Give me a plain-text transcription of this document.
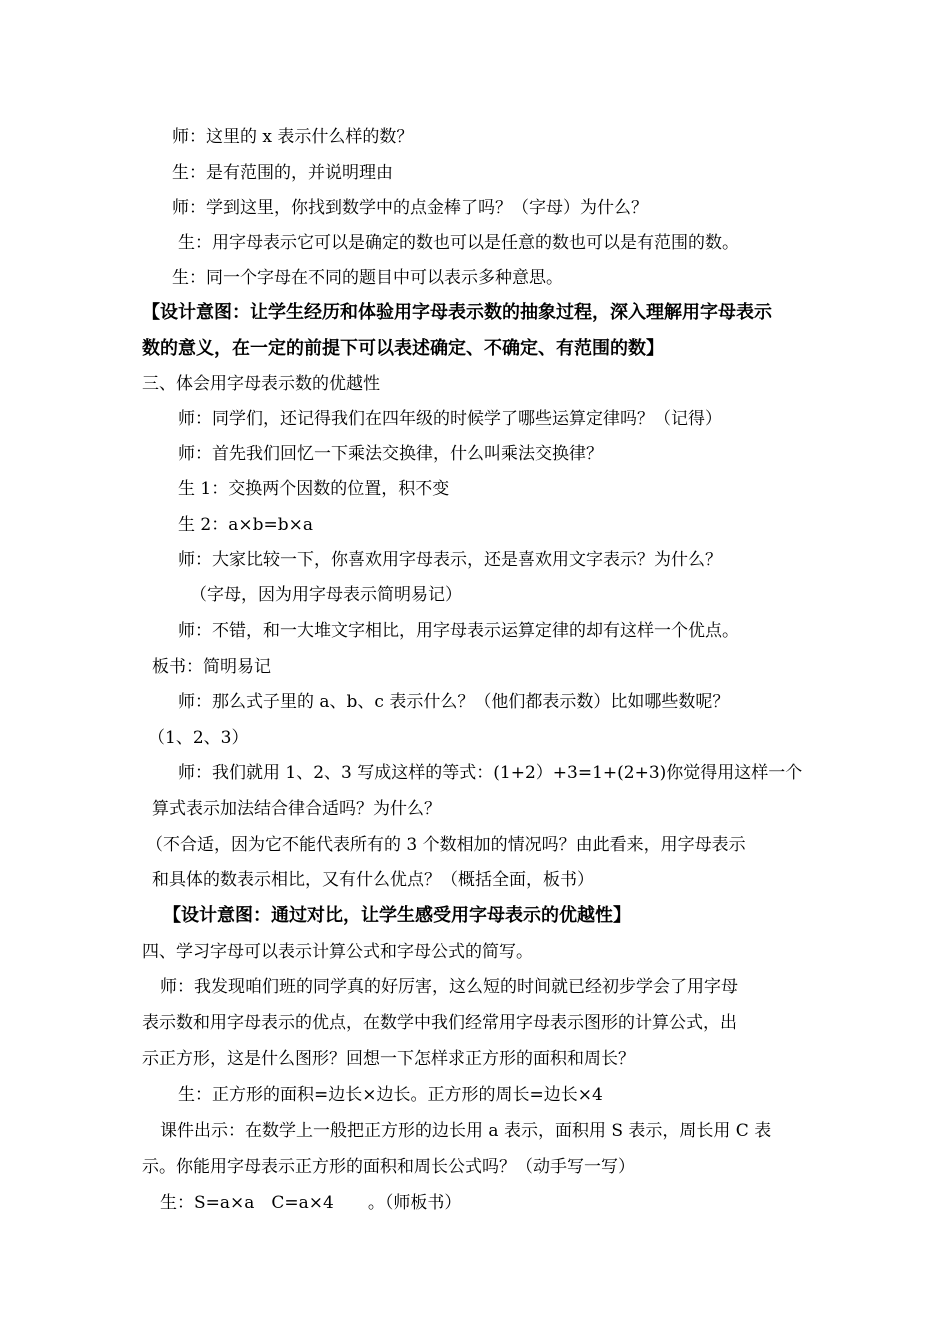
师：这里的 x 表示什么样的数？
生：是有范围的，并说明理由
师：学到这里，你找到数学中的点金棒了吗？（字母）为什么？
生：用字母表示它可以是确定的数也可以是任意的数也可以是有范围的数。
生：同一个字母在不同的题目中可以表示多种意思。
【设计意图：让学生经历和体验用字母表示数的抽象过程，深入理解用字母表示
数的意义，在一定的前提下可以表述确定、不确定、有范围的数】
三、体会用字母表示数的优越性
师：同学们，还记得我们在四年级的时候学了哪些运算定律吗？（记得）
师：首先我们回忆一下乘法交换律，什么叫乘法交换律？
生 1：交换两个因数的位置，积不变
生 2：a×b=b×a
师：大家比较一下，你喜欢用字母表示，还是喜欢用文字表示？为什么？
（字母，因为用字母表示简明易记）
师：不错，和一大堆文字相比，用字母表示运算定律的却有这样一个优点。
板书：简明易记
师：那么式子里的 a、b、c 表示什么？（他们都表示数）比如哪些数呢？
（1、2、3）
师：我们就用 1、2、3 写成这样的等式：(1+2）+3=1+(2+3)你觉得用这样一个
算式表示加法结合律合适吗？为什么？
（不合适，因为它不能代表所有的 3 个数相加的情况吗？由此看来，用字母表示
和具体的数表示相比，又有什么优点？（概括全面，板书）
【设计意图：通过对比，让学生感受用字母表示的优越性】
四、学习字母可以表示计算公式和字母公式的简写。
师：我发现咱们班的同学真的好厉害，这么短的时间就已经初步学会了用字母
表示数和用字母表示的优点，在数学中我们经常用字母表示图形的计算公式，出
示正方形，这是什么图形？回想一下怎样求正方形的面积和周长？
生：正方形的面积=边长×边长。正方形的周长=边长×4
课件出示：在数学上一般把正方形的边长用 a 表示，面积用 S 表示，周长用 C 表
示。你能用字母表示正方形的面积和周长公式吗？（动手写一写）
生：S=a×a　C=a×4　　。（师板书）
